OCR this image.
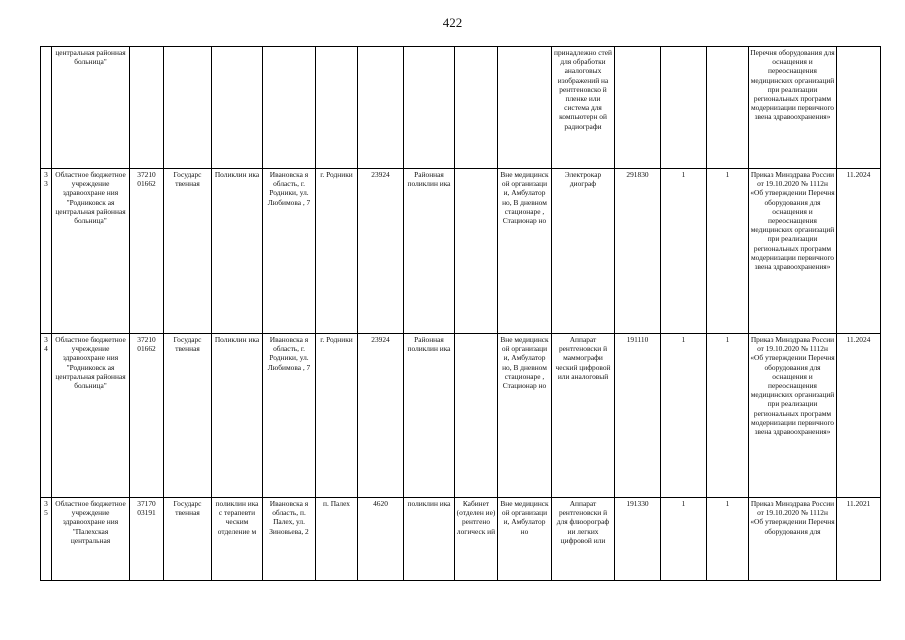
422
	центральная районная больница"										принадлежно стей для обработки аналоговых изображений на рентгеновско й пленке или система для компьютерн ой радиографи				Перечня оборудования для оснащения и переоснащения медицинских организаций при реализации региональных программ модернизации первичного звена здравоохранения»	
3 3	Областное бюджетное учреждение здравоохране ния "Родниковск ая центральная районная больница"	37210 01662	Государс твенная	Поликлин ика	Ивановска я область, г. Родники, ул. Любимова , 7	г. Родники	23924	Районная поликлин ика		Вне медицинск ой организаци и, Амбулатор но, В дневном стационаре , Стационар но	Электрокар диограф	291830	1	1	Приказ Минздрава России от 19.10.2020 № 1112н «Об утверждении Перечня оборудования для оснащения и переоснащения медицинских организаций при реализации региональных программ модернизации первичного звена здравоохранения»	11.2024
3 4	Областное бюджетное учреждение здравоохране ния "Родниковск ая центральная районная больница"	37210 01662	Государс твенная	Поликлин ика	Ивановска я область, г. Родники, ул. Любимова , 7	г. Родники	23924	Районная поликлин ика		Вне медицинск ой организаци и, Амбулатор но, В дневном стационаре , Стационар но	Аппарат рентгеновски й маммографи ческий цифровой или аналоговый	191110	1	1	Приказ Минздрава России от 19.10.2020 № 1112н «Об утверждении Перечня оборудования для оснащения и переоснащения медицинских организаций при реализации региональных программ модернизации первичного звена здравоохранения»	11.2024
3 5	Областное бюджетное учреждение здравоохране ния "Палехская центральная	37170 03191	Государс твенная	поликлин ика с терапевти ческим отделение м	Ивановска я область, п. Палех, ул. Зиновьева, 2	п. Палех	4620	поликлин ика	Кабинет (отделен ие) рентгено логическ ий	Вне медицинск ой организаци и, Амбулатор но	Аппарат рентгеновски й для флюорограф ии легких цифровой или	191330	1	1	Приказ Минздрава России от 19.10.2020 № 1112н «Об утверждении Перечня оборудования для	11.2021
